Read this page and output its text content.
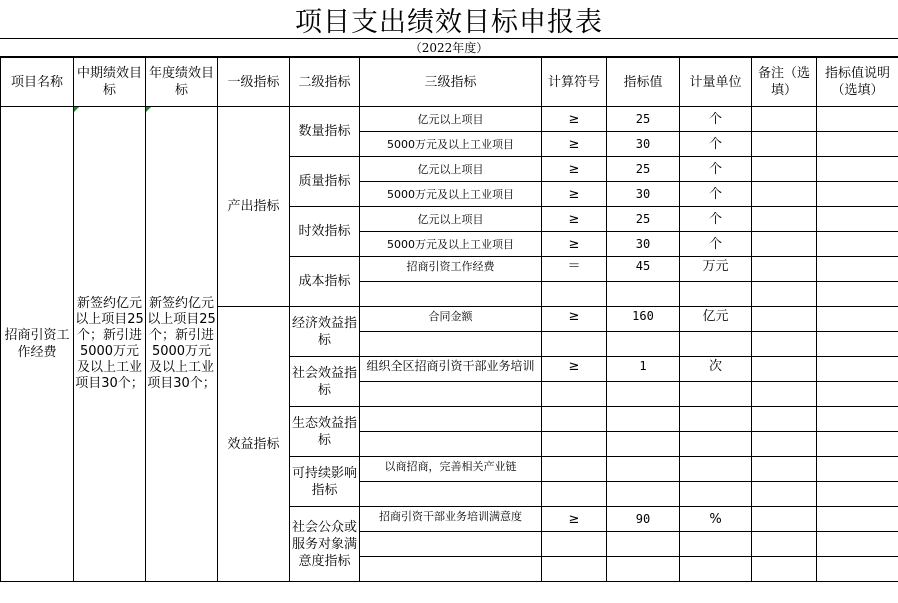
项目支出绩效目标申报表
（2022年度）
项目名称	中期绩效目标	年度绩效目标	一级指标	二级指标	三级指标	计算符号	指标值	计量单位	备注（选填）	指标值说明（选填）
招商引资工作经费	新签约亿元以上项目25个；新引进5000万元及以上工业项目30个；	新签约亿元以上项目25个；新引进5000万元及以上工业项目30个；	产出指标	数量指标	亿元以上项目	≥	25	个		
					5000万元及以上工业项目	≥	30	个		
				质量指标	亿元以上项目	≥	25	个		
					5000万元及以上工业项目	≥	30	个		
				时效指标	亿元以上项目	≥	25	个		
					5000万元及以上工业项目	≥	30	个		
				成本指标	招商引资工作经费	＝	45	万元		

			效益指标	经济效益指标	合同金额	≥	160	亿元		

				社会效益指标	组织全区招商引资干部业务培训	≥	1	次		

				生态效益指标						

				可持续影响指标	以商招商，完善相关产业链					

				社会公众或服务对象满意度指标	招商引资干部业务培训满意度	≥	90	%		
